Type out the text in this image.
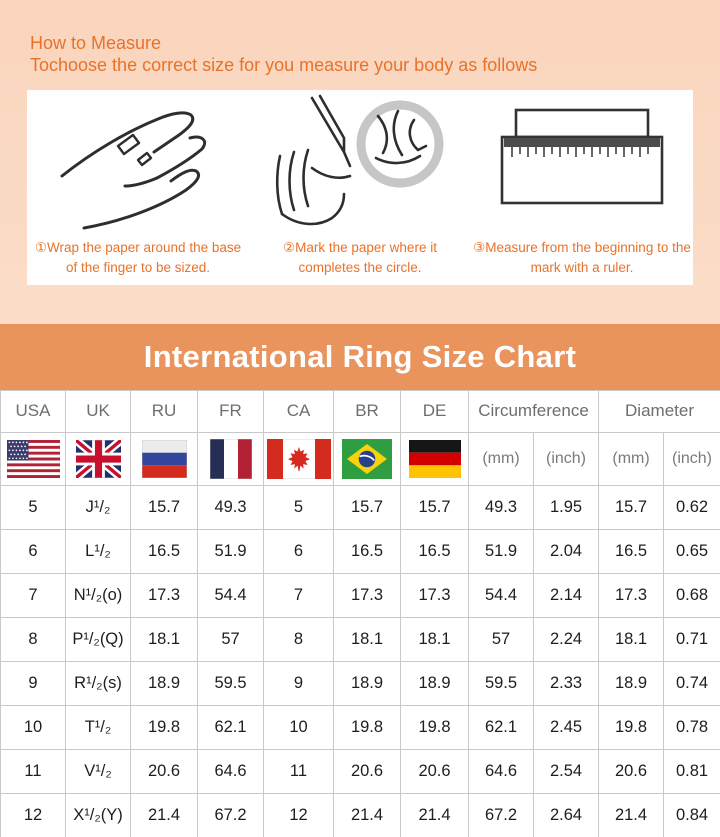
How to Measure

Tochoose the correct size for you measure your body as follows

①Wrap the paper around the base of the finger to be sized.
②Mark the paper where it completes the circle.
③Measure from the beginning to the mark with a ruler.
International Ring Size Chart
USA	UK	RU	FR	CA	BR	DE	Circumference		Diameter	
							(mm)	(inch)	(mm)	(inch)
5	J¹/₂	15.7	49.3	5	15.7	15.7	49.3	1.95	15.7	0.62
6	L¹/₂	16.5	51.9	6	16.5	16.5	51.9	2.04	16.5	0.65
7	N¹/₂(o)	17.3	54.4	7	17.3	17.3	54.4	2.14	17.3	0.68
8	P¹/₂(Q)	18.1	57	8	18.1	18.1	57	2.24	18.1	0.71
9	R¹/₂(s)	18.9	59.5	9	18.9	18.9	59.5	2.33	18.9	0.74
10	T¹/₂	19.8	62.1	10	19.8	19.8	62.1	2.45	19.8	0.78
11	V¹/₂	20.6	64.6	11	20.6	20.6	64.6	2.54	20.6	0.81
12	X¹/₂(Y)	21.4	67.2	12	21.4	21.4	67.2	2.64	21.4	0.84
